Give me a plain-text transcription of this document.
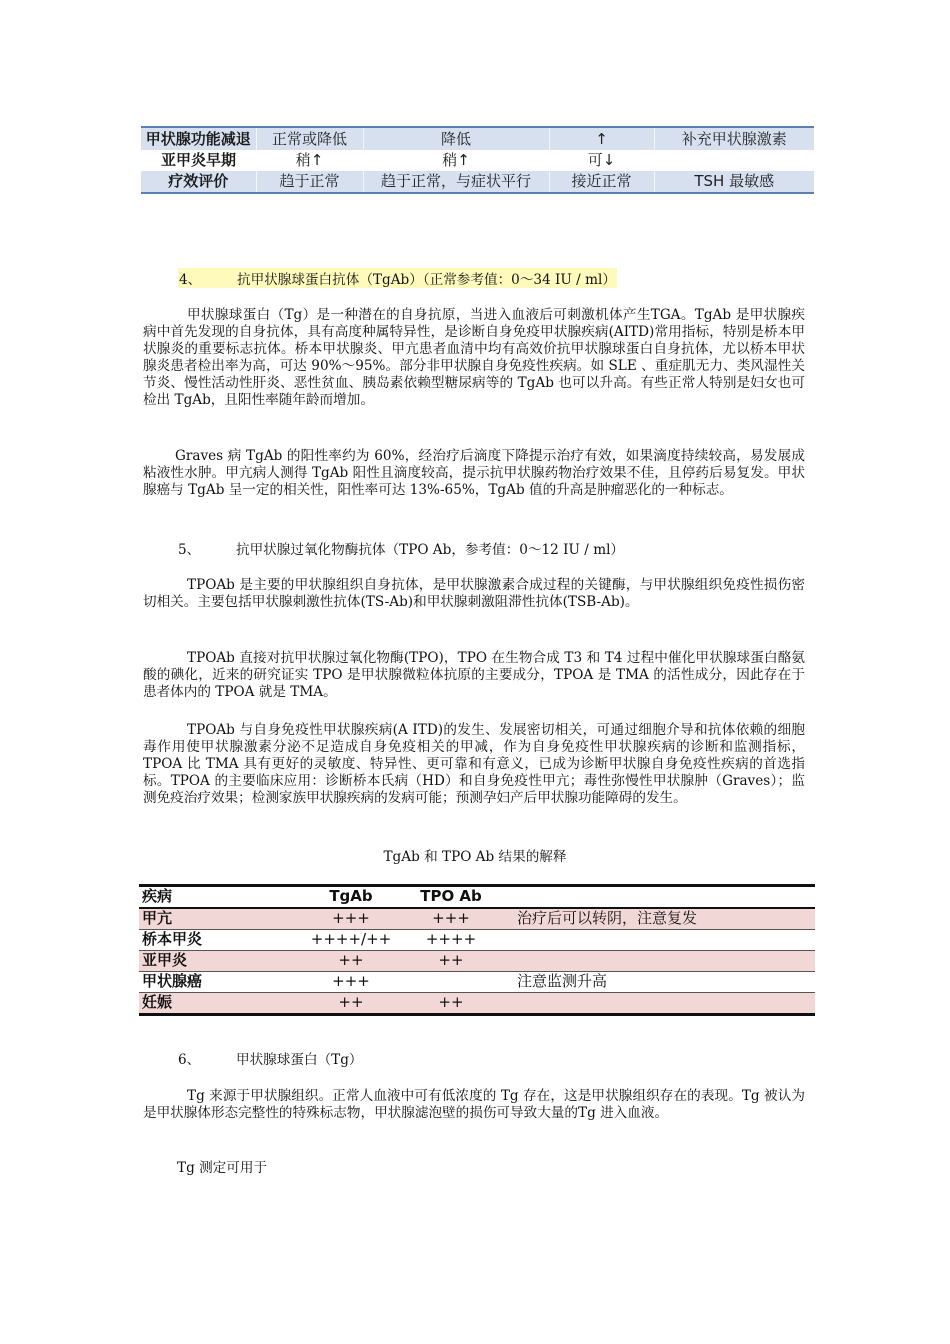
甲状腺功能减退	正常或降低	降低	↑	补充甲状腺激素
亚甲炎早期	稍↑	稍↑	可↓	
疗效评价	趋于正常	趋于正常，与症状平行	接近正常	TSH 最敏感
4、	抗甲状腺球蛋白抗体（TgAb）（正常参考值：0～34 IU / ml）
甲状腺球蛋白（Tg）是一种潜在的自身抗原，当进入血液后可刺激机体产生TGA。TgAb 是甲状腺疾病中首先发现的自身抗体，具有高度种属特异性，是诊断自身免疫甲状腺疾病(AITD)常用指标，特别是桥本甲状腺炎的重要标志抗体。桥本甲状腺炎、甲亢患者血清中均有高效价抗甲状腺球蛋白自身抗体，尤以桥本甲状腺炎患者检出率为高，可达 90%～95%。部分非甲状腺自身免疫性疾病。如 SLE 、重症肌无力、类风湿性关节炎、慢性活动性肝炎、恶性贫血、胰岛素依赖型糖尿病等的 TgAb 也可以升高。有些正常人特别是妇女也可检出 TgAb，且阳性率随年龄而增加。
Graves 病 TgAb 的阳性率约为 60%，经治疗后滴度下降提示治疗有效，如果滴度持续较高，易发展成粘液性水肿。甲亢病人测得 TgAb 阳性且滴度较高，提示抗甲状腺药物治疗效果不佳，且停药后易复发。甲状腺癌与 TgAb 呈一定的相关性，阳性率可达 13%-65%，TgAb 值的升高是肿瘤恶化的一种标志。
5、	抗甲状腺过氧化物酶抗体（TPO Ab，参考值：0～12 IU / ml）
TPOAb 是主要的甲状腺组织自身抗体，是甲状腺激素合成过程的关键酶，与甲状腺组织免疫性损伤密切相关。主要包括甲状腺刺激性抗体(TS-Ab)和甲状腺刺激阻滞性抗体(TSB-Ab)。
TPOAb 直接对抗甲状腺过氧化物酶(TPO)，TPO 在生物合成 T3 和 T4 过程中催化甲状腺球蛋白酪氨酸的碘化，近来的研究证实 TPO 是甲状腺微粒体抗原的主要成分，TPOA 是 TMA 的活性成分，因此存在于患者体内的 TPOA 就是 TMA。
TPOAb 与自身免疫性甲状腺疾病(A ITD)的发生、发展密切相关，可通过细胞介导和抗体依赖的细胞毒作用使甲状腺激素分泌不足造成自身免疫相关的甲减，作为自身免疫性甲状腺疾病的诊断和监测指标，TPOA 比 TMA 具有更好的灵敏度、特异性、更可靠和有意义，已成为诊断甲状腺自身免疫性疾病的首选指标。TPOA 的主要临床应用：诊断桥本氏病（HD）和自身免疫性甲亢；毒性弥慢性甲状腺肿（Graves）；监测免疫治疗效果；检测家族甲状腺疾病的发病可能；预测孕妇产后甲状腺功能障碍的发生。
TgAb 和 TPO Ab 结果的解释
疾病	TgAb	TPO Ab	
甲亢	+++	+++	治疗后可以转阴，注意复发
桥本甲炎	++++/++	++++	
亚甲炎	++	++	
甲状腺癌	+++		注意监测升高
妊娠	++	++	
6、	甲状腺球蛋白（Tg）
Tg 来源于甲状腺组织。正常人血液中可有低浓度的 Tg 存在，这是甲状腺组织存在的表现。Tg 被认为是甲状腺体形态完整性的特殊标志物，甲状腺滤泡壁的损伤可导致大量的Tg 进入血液。
Tg 测定可用于
